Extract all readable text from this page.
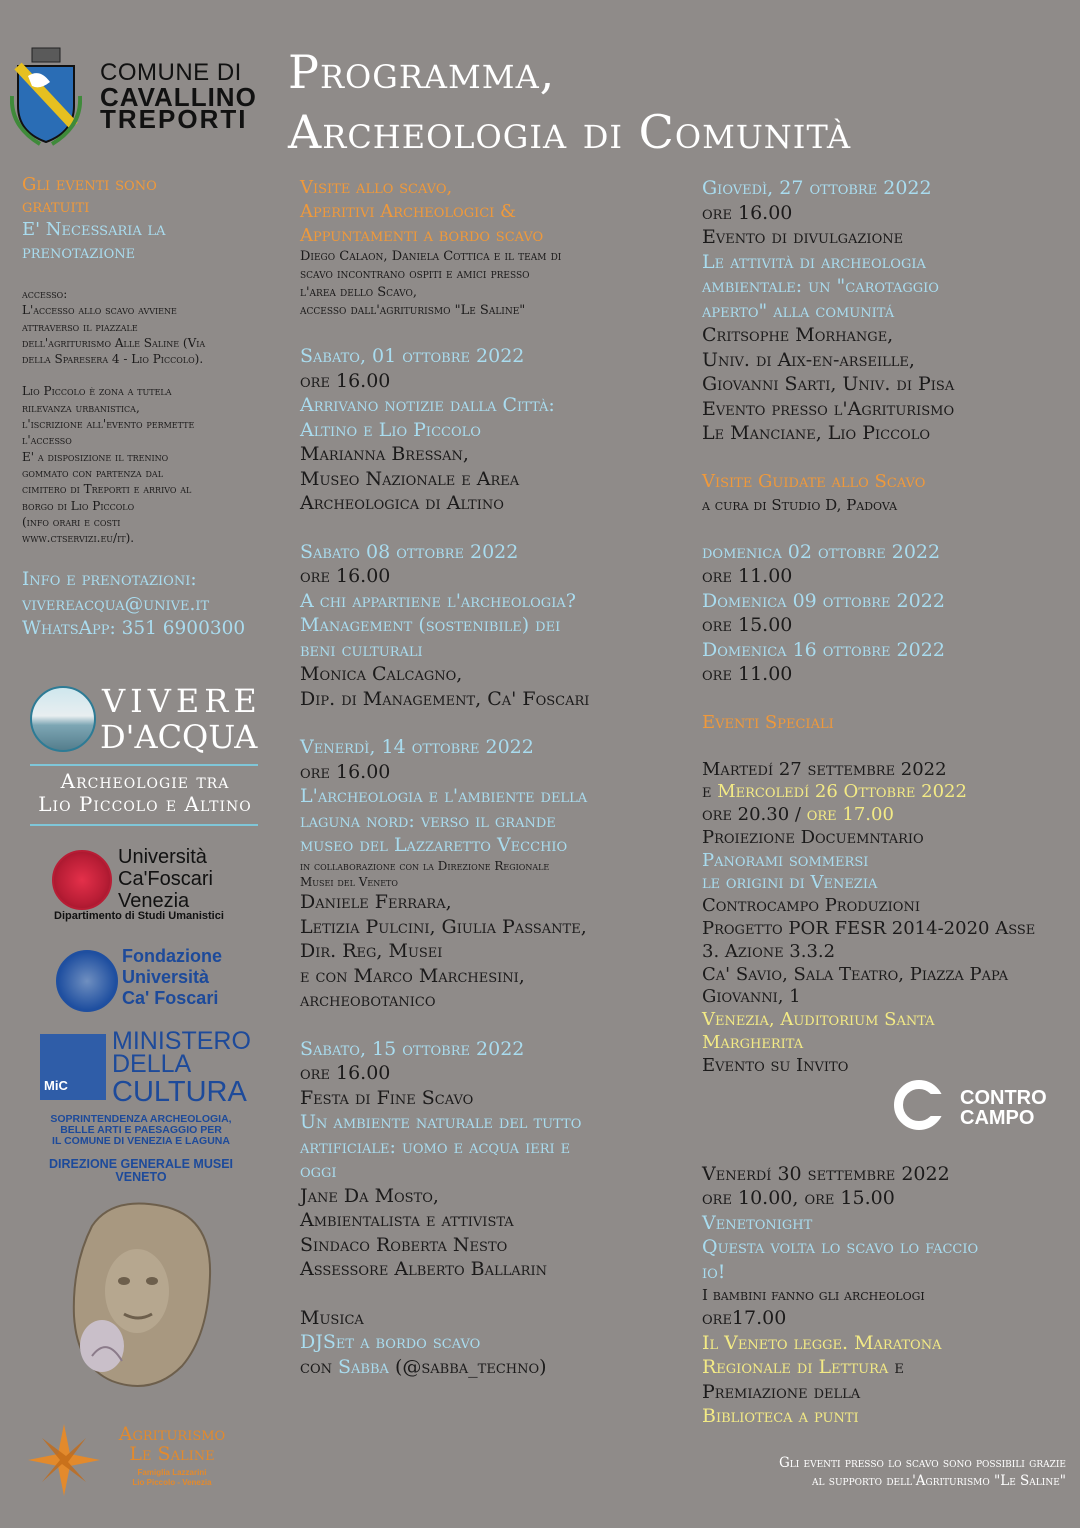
COMUNE DI
CAVALLINO
TREPORTI
Programma,
Archeologia di Comunità
Gli eventi sono
gratuiti
E' Necessaria la
prenotazione
accesso:
L'accesso allo scavo avviene
attraverso il piazzale
dell'agriturismo Alle Saline (Via
della Sparesera 4 - Lio Piccolo).
Lio Piccolo è zona a tutela
rilevanza urbanistica,
l'iscrizione all'evento permette
l'accesso
E' a disposizione il trenino
gommato con partenza dal
cimitero di Treporti e arrivo al
borgo di Lio Piccolo
(info orari e costi
www.ctservizi.eu/it).
Info e prenotazioni:
vivereacqua@unive.it
WhatsApp: 351 6900300
VIVERE
D'ACQUA
Archeologie tra
Lio Piccolo e Altino
Università
Ca'Foscari
Venezia
Dipartimento di Studi Umanistici
Fondazione
Università
Ca' Foscari
MiC
MINISTERO
DELLA
CULTURA
SOPRINTENDENZA ARCHEOLOGIA,
BELLE ARTI E PAESAGGIO PER
IL COMUNE DI VENEZIA E LAGUNA
DIREZIONE GENERALE MUSEI
VENETO
Agriturismo
Le Saline
Famiglia Lazzarini
Lio Piccolo - Venezia
Visite allo scavo,
Aperitivi Archeologici &
Appuntamenti a bordo scavo
Diego Calaon, Daniela Cottica e il team di
scavo incontrano ospiti e amici presso
l'area dello Scavo,
accesso dall'agriturismo "Le Saline"
Sabato, 01 ottobre 2022
ore 16.00
Arrivano notizie dalla Città:
Altino e Lio Piccolo
Marianna Bressan,
Museo Nazionale e Area
Archeologica di Altino
Sabato 08 ottobre 2022
ore 16.00
A chi appartiene l'archeologia?
Management (sostenibile) dei
beni culturali
Monica Calcagno,
Dip. di Management, Ca' Foscari
Venerdì, 14 ottobre 2022
ore 16.00
L'archeologia e l'ambiente della
laguna nord: verso il grande
museo del Lazzaretto Vecchio
in collaborazione con la Direzione Regionale
Musei del Veneto
Daniele Ferrara,
Letizia Pulcini, Giulia Passante,
Dir. Reg, Musei
e con Marco Marchesini,
archeobotanico
Sabato, 15 ottobre 2022
ore 16.00
Festa di Fine Scavo
Un ambiente naturale del tutto
artificiale: uomo e acqua ieri e
oggi
Jane Da Mosto,
Ambientalista e attivista
Sindaco Roberta Nesto
Assessore Alberto Ballarin
Musica
DJSet a bordo scavo
con Sabba (@sabba_techno)
Giovedì, 27 ottobre 2022
ore 16.00
Evento di divulgazione
Le attività di archeologia
ambientale: un "carotaggio
aperto" alla comunitá
Critsophe Morhange,
Univ. di Aix-en-arseille,
Giovanni Sarti, Univ. di Pisa
Evento presso l'Agriturismo
Le Manciane, Lio Piccolo
Visite Guidate allo Scavo
a cura di Studio D, Padova
domenica 02 ottobre 2022
ore 11.00
Domenica 09 ottobre 2022
ore 15.00
Domenica 16 ottobre 2022
ore 11.00
Eventi Speciali
Martedí 27 settembre 2022
e Mercoledí 26 Ottobre 2022
ore 20.30 / ore 17.00
Proiezione Docuemntario
Panorami sommersi
le origini di Venezia
Controcampo Produzioni
Progetto POR FESR 2014-2020 Asse
3. Azione 3.3.2
Ca' Savio, Sala Teatro, Piazza Papa
Giovanni, 1
Venezia, Auditorium Santa
Margherita
Evento su Invito
Venerdí 30 settembre 2022
ore 10.00, ore 15.00
Venetonight
Questa volta lo scavo lo faccio
io!
I bambini fanno gli archeologi
ore17.00
Il Veneto legge. Maratona
Regionale di Lettura e
Premiazione della
Biblioteca a punti
CONTRO
CAMPO
Gli eventi presso lo scavo sono possibili grazie
al supporto dell'Agriturismo "Le Saline"
